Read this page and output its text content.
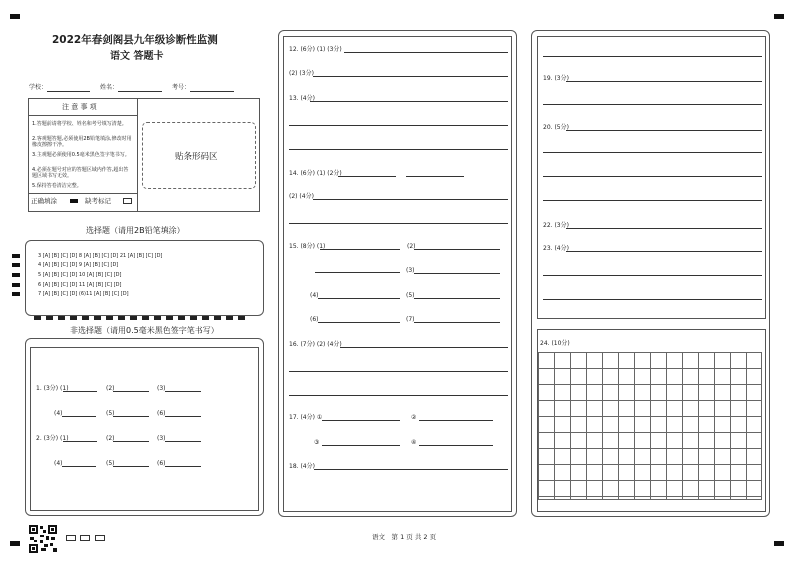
2022年春剑阁县九年级诊断性监测
语文 答题卡
学校：	姓名：	考号：
注 意 事 项
1.答题前请将学校、姓名和考号填写清楚。
2.客观题答题,必须使用2B铅笔填涂,修改时用橡皮擦擦干净。
3.主观题必须使用0.5毫米黑色签字笔书写。
4.必须在题号对应的答题区域内作答,超出答题区域书写无效。
5.保持答卷清洁完整。
正确填涂	缺考标记
贴条形码区
选择题（请用2B铅笔填涂）
3 [A] [B] [C] [D] 8 [A] [B] [C] [D] 21 [A] [B] [C] [D]
4 [A] [B] [C] [D] 9 [A] [B] [C] [D]
5 [A] [B] [C] [D] 10 [A] [B] [C] [D]
6 [A] [B] [C] [D] 11 [A] [B] [C] [D]
7 [A] [B] [C] [D] (6)11 [A] [B] [C] [D]
非选择题（请用0.5毫米黑色签字笔书写）
1. (3分) (1)	(2)	(3)
(4)	(5)	(6)
2. (3分) (1)	(2)	(3)
(4)	(5)	(6)
12. (6分) (1) (3分)
(2) (3分)
13. (4分)
14. (6分) (1) (2分)
(2) (4分)
15. (8分) (1)	(2)
(3)
(4)	(5)
(6)	(7)
16. (7分) (2) (4分)
17. (4分) ①	②
③	④
18. (4分)
19. (3分)
20. (5分)
22. (3分)
23. (4分)
24. (10分)
语文　第 1 页 共 2 页
